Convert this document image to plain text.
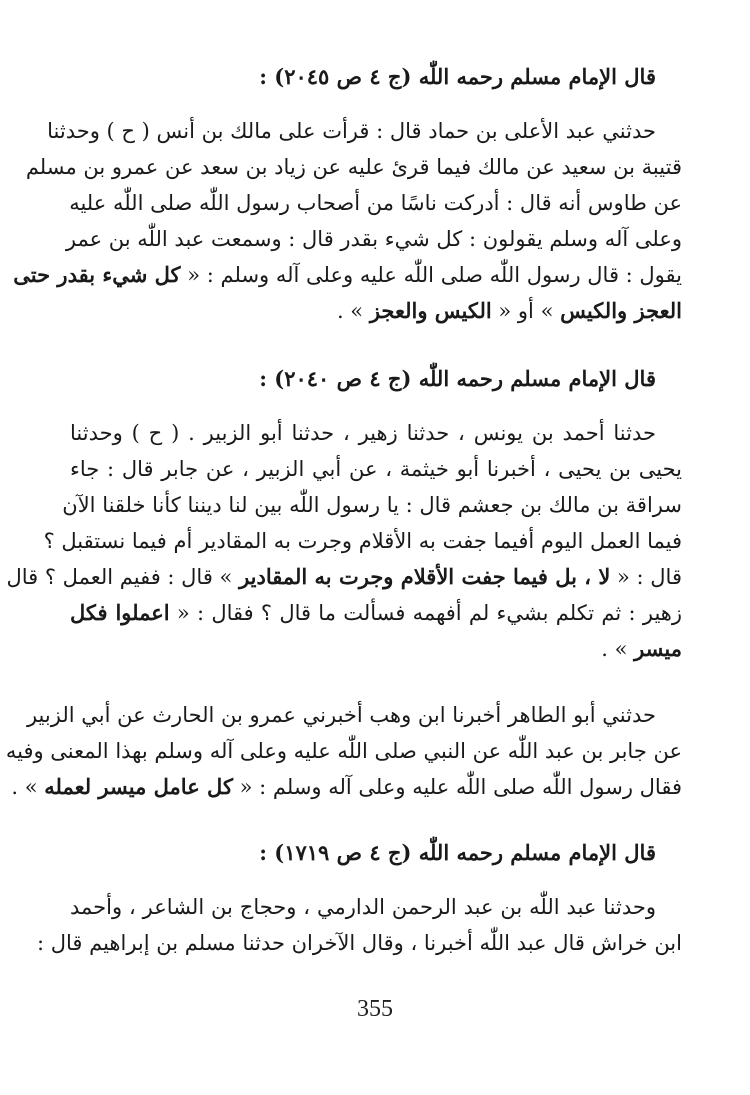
قال الإمام مسلم رحمه اللّٰه (ج ٤ ص ٢٠٤٥) :
حدثني عبد الأعلى بن حماد قال : قرأت على مالك بن أنس ( ح ) وحدثنا
قتيبة بن سعيد عن مالك فيما قرئ عليه عن زياد بن سعد عن عمرو بن مسلم
عن طاوس أنه قال : أدركت ناسًا من أصحاب رسول اللّٰه صلى اللّٰه عليه
وعلى آله وسلم يقولون : كل شيء بقدر قال : وسمعت عبد اللّٰه بن عمر
يقول : قال رسول اللّٰه صلى اللّٰه عليه وعلى آله وسلم : « كل شيء بقدر حتى
العجز والكيس » أو « الكيس والعجز » .
قال الإمام مسلم رحمه اللّٰه (ج ٤ ص ٢٠٤٠) :
حدثنا أحمد بن يونس ، حدثنا زهير ، حدثنا أبو الزبير . ( ح ) وحدثنا
يحيى بن يحيى ، أخبرنا أبو خيثمة ، عن أبي الزبير ، عن جابر قال : جاء
سراقة بن مالك بن جعشم قال : يا رسول اللّٰه بين لنا ديننا كأنا خلقنا الآن
فيما العمل اليوم أفيما جفت به الأقلام وجرت به المقادير أم فيما نستقبل ؟
قال : « لا ، بل فيما جفت الأقلام وجرت به المقادير » قال : ففيم العمل ؟ قال
زهير : ثم تكلم بشيء لم أفهمه فسألت ما قال ؟ فقال : « اعملوا فكل
ميسر » .
حدثني أبو الطاهر أخبرنا ابن وهب أخبرني عمرو بن الحارث عن أبي الزبير
عن جابر بن عبد اللّٰه عن النبي صلى اللّٰه عليه وعلى آله وسلم بهذا المعنى وفيه
فقال رسول اللّٰه صلى اللّٰه عليه وعلى آله وسلم : « كل عامل ميسر لعمله » .
قال الإمام مسلم رحمه اللّٰه (ج ٤ ص ١٧١٩) :
وحدثنا عبد اللّٰه بن عبد الرحمن الدارمي ، وحجاج بن الشاعر ، وأحمد
ابن خراش قال عبد اللّٰه أخبرنا ، وقال الآخران حدثنا مسلم بن إبراهيم قال :
355
